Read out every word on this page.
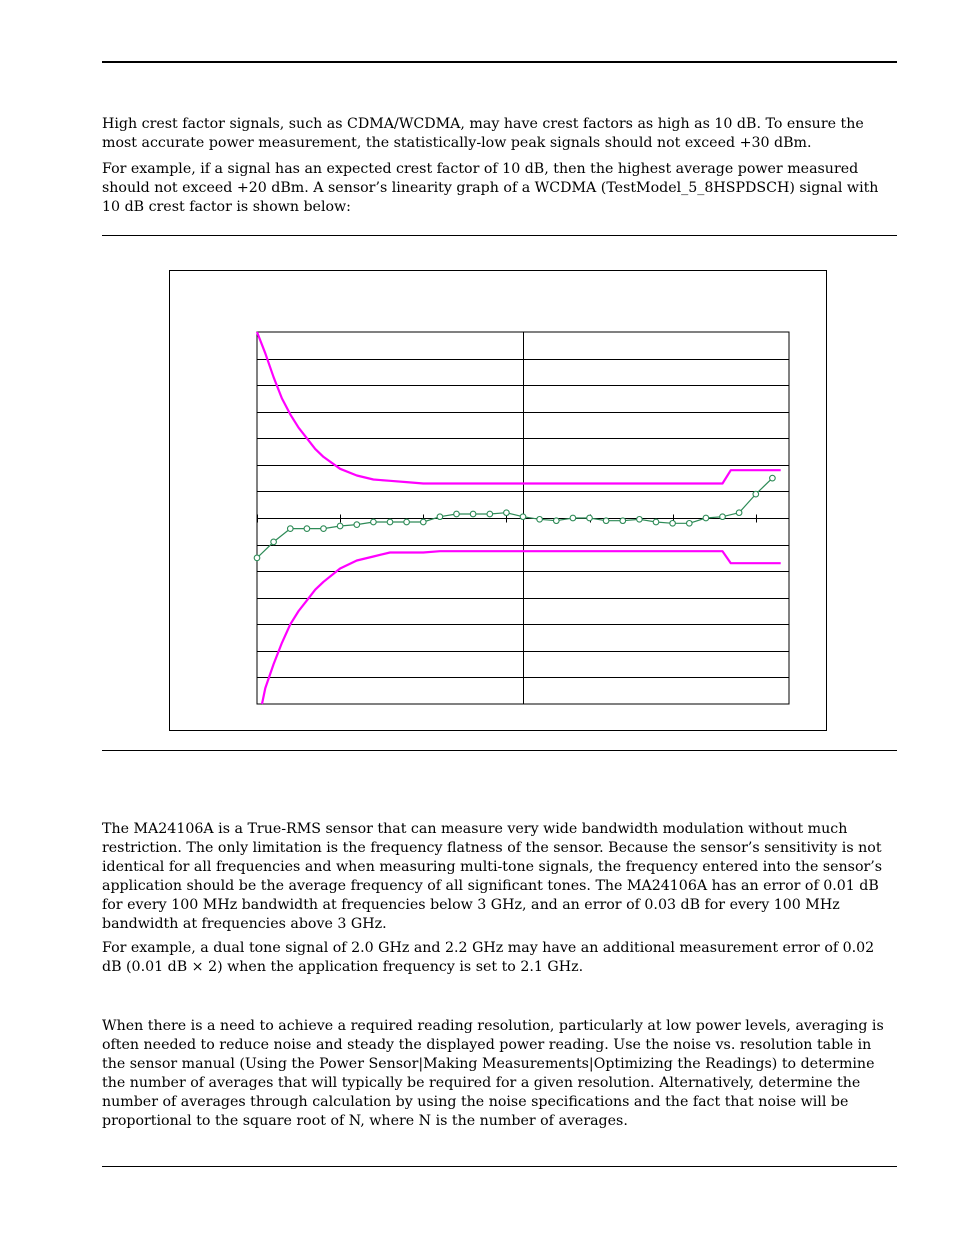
High crest factor signals, such as CDMA/WCDMA, may have crest factors as high as 10 dB. To ensure the most accurate power measurement, the statistically-low peak signals should not exceed +30 dBm.

For example, if a signal has an expected crest factor of 10 dB, then the highest average power measured should not exceed +20 dBm. A sensor’s linearity graph of a WCDMA (TestModel_5_8HSPDSCH) signal with 10 dB crest factor is shown below:

The MA24106A is a True-RMS sensor that can measure very wide bandwidth modulation without much restriction. The only limitation is the frequency flatness of the sensor. Because the sensor’s sensitivity is not identical for all frequencies and when measuring multi-tone signals, the frequency entered into the sensor’s application should be the average frequency of all significant tones. The MA24106A has an error of 0.01 dB for every 100 MHz bandwidth at frequencies below 3 GHz, and an error of 0.03 dB for every 100 MHz bandwidth at frequencies above 3 GHz.

For example, a dual tone signal of 2.0 GHz and 2.2 GHz may have an additional measurement error of 0.02 dB (0.01 dB × 2) when the application frequency is set to 2.1 GHz.

When there is a need to achieve a required reading resolution, particularly at low power levels, averaging is often needed to reduce noise and steady the displayed power reading. Use the noise vs. resolution table in the sensor manual (Using the Power Sensor|Making Measurements|Optimizing the Readings) to determine the number of averages that will typically be required for a given resolution. Alternatively, determine the number of averages through calculation by using the noise specifications and the fact that noise will be proportional to the square root of N, where N is the number of averages.
